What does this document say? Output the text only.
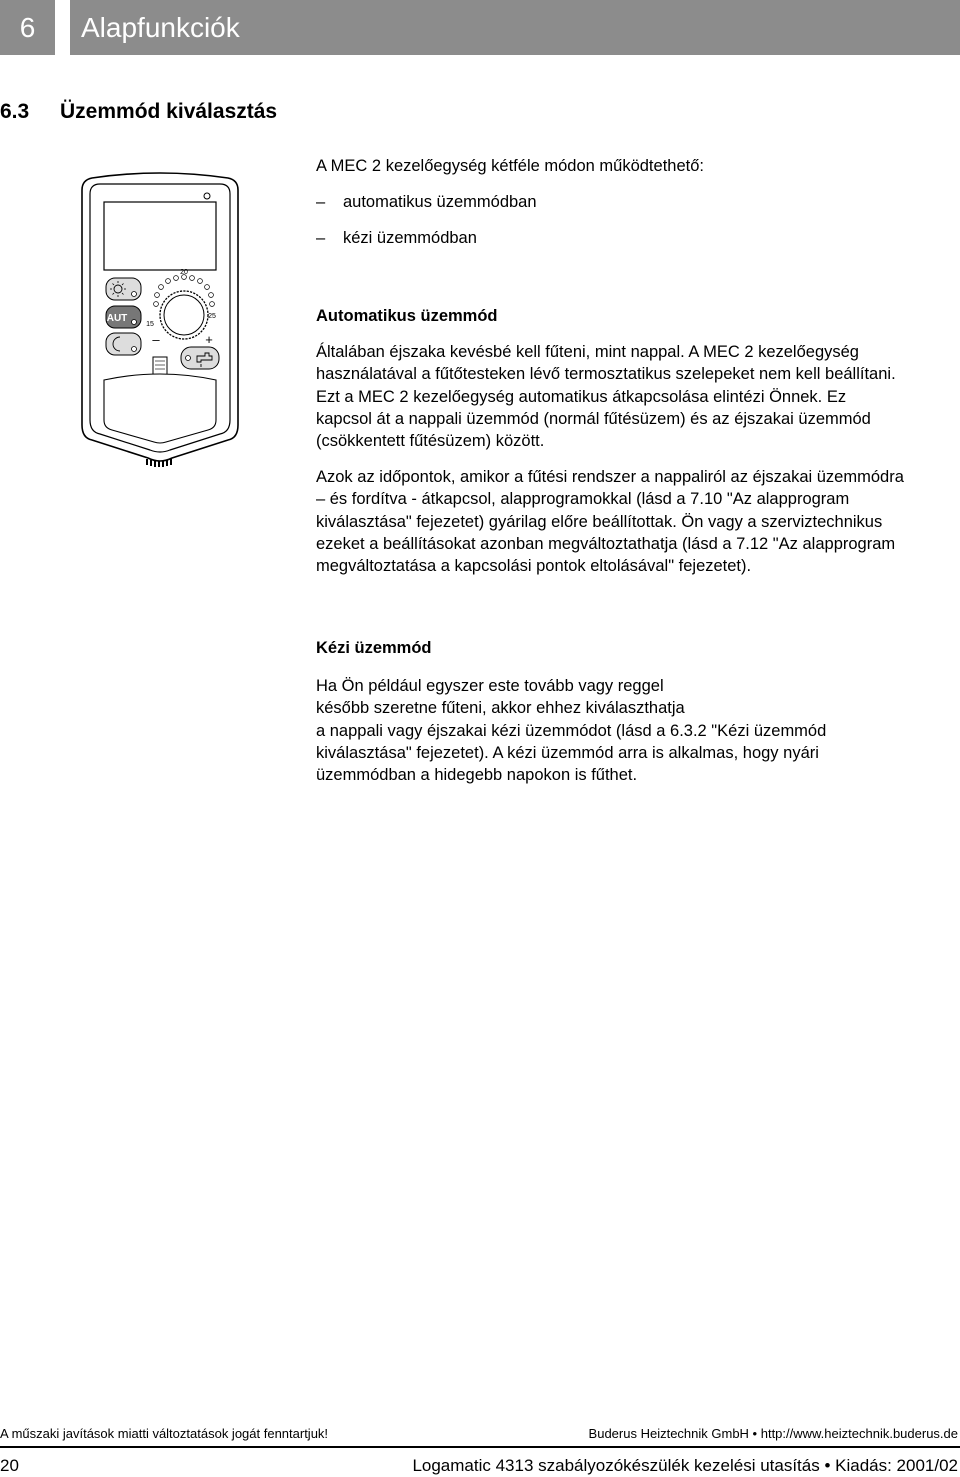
6	Alapfunkciók
6.3 Üzemmód kiválasztás
AUT
20
15
25
–	+

A MEC 2 kezelőegység kétféle módon működtethető:

– automatikus üzemmódban

– kézi üzemmódban

Automatikus üzemmód

Általában éjszaka kevésbé kell fűteni, mint nappal. A MEC 2 kezelőegység
használatával a fűtőtesteken lévő termosztatikus szelepeket nem kell beállítani.
Ezt a MEC 2 kezelőegység automatikus átkapcsolása elintézi Önnek. Ez
kapcsol át a nappali üzemmód (normál fűtésüzem) és az éjszakai üzemmód
(csökkentett fűtésüzem) között.

Azok az időpontok, amikor a fűtési rendszer a nappaliról az éjszakai üzemmódra
– és fordítva - átkapcsol, alapprogramokkal (lásd a 7.10 "Az alapprogram
kiválasztása" fejezetet) gyárilag előre beállítottak. Ön vagy a szerviztechnikus
ezeket a beállításokat azonban megváltoztathatja (lásd a 7.12 "Az alapprogram
megváltoztatása a kapcsolási pontok eltolásával" fejezetet).

Kézi üzemmód

Ha Ön például egyszer este tovább vagy reggel
később szeretne fűteni, akkor ehhez kiválaszthatja
a nappali vagy éjszakai kézi üzemmódot (lásd a 6.3.2 "Kézi üzemmód
kiválasztása" fejezetet). A kézi üzemmód arra is alkalmas, hogy nyári
üzemmódban a hidegebb napokon is fűthet.

A műszaki javítások miatti változtatások jogát fenntartjuk!	Buderus Heiztechnik GmbH • http://www.heiztechnik.buderus.de
20	Logamatic 4313 szabályozókészülék kezelési utasítás • Kiadás: 2001/02
